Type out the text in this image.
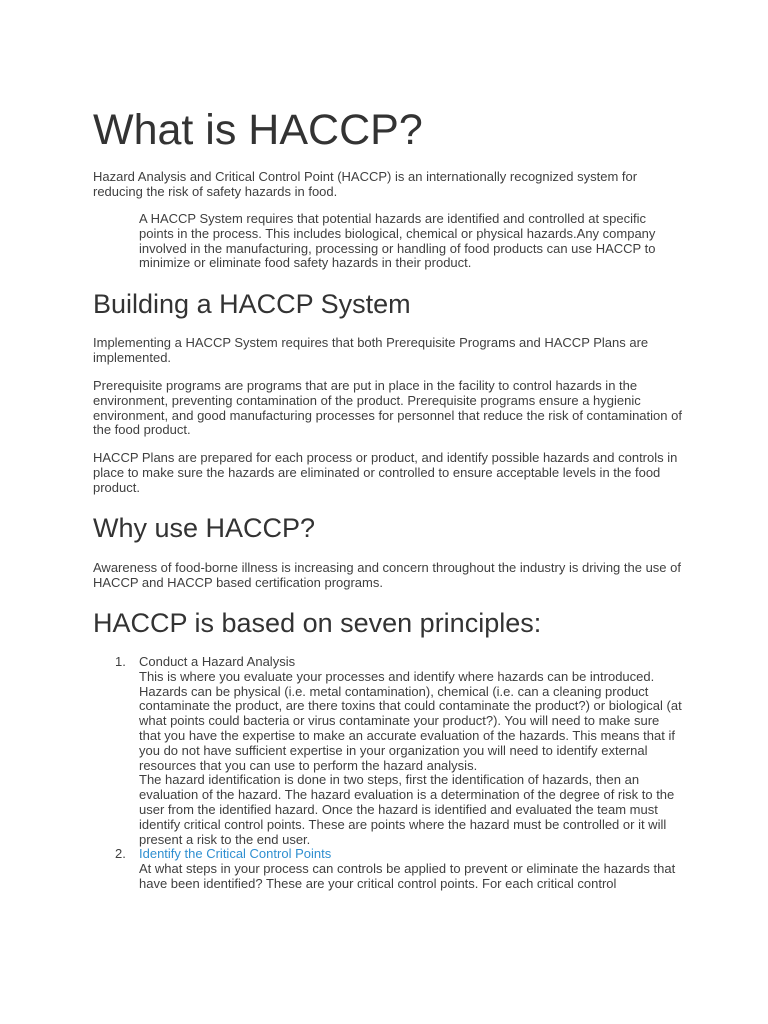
What is HACCP?

Hazard Analysis and Critical Control Point (HACCP) is an internationally recognized system for reducing the risk of safety hazards in food.

A HACCP System requires that potential hazards are identified and controlled at specific points in the process. This includes biological, chemical or physical hazards.Any company involved in the manufacturing, processing or handling of food products can use HACCP to minimize or eliminate food safety hazards in their product.

Building a HACCP System

Implementing a HACCP System requires that both Prerequisite Programs and HACCP Plans are implemented.

Prerequisite programs are programs that are put in place in the facility to control hazards in the environment, preventing contamination of the product. Prerequisite programs ensure a hygienic environment, and good manufacturing processes for personnel that reduce the risk of contamination of the food product.

HACCP Plans are prepared for each process or product, and identify possible hazards and controls in place to make sure the hazards are eliminated or controlled to ensure acceptable levels in the food product.

Why use HACCP?

Awareness of food-borne illness is increasing and concern throughout the industry is driving the use of HACCP and HACCP based certification programs.

HACCP is based on seven principles:
1. Conduct a Hazard Analysis

This is where you evaluate your processes and identify where hazards can be introduced. Hazards can be physical (i.e. metal contamination), chemical (i.e. can a cleaning product contaminate the product, are there toxins that could contaminate the product?) or biological (at what points could bacteria or virus contaminate your product?). You will need to make sure that you have the expertise to make an accurate evaluation of the hazards. This means that if you do not have sufficient expertise in your organization you will need to identify external resources that you can use to perform the hazard analysis.

The hazard identification is done in two steps, first the identification of hazards, then an evaluation of the hazard. The hazard evaluation is a determination of the degree of risk to the user from the identified hazard. Once the hazard is identified and evaluated the team must identify critical control points. These are points where the hazard must be controlled or it will present a risk to the end user.

2. Identify the Critical Control Points

At what steps in your process can controls be applied to prevent or eliminate the hazards that have been identified? These are your critical control points. For each critical control
